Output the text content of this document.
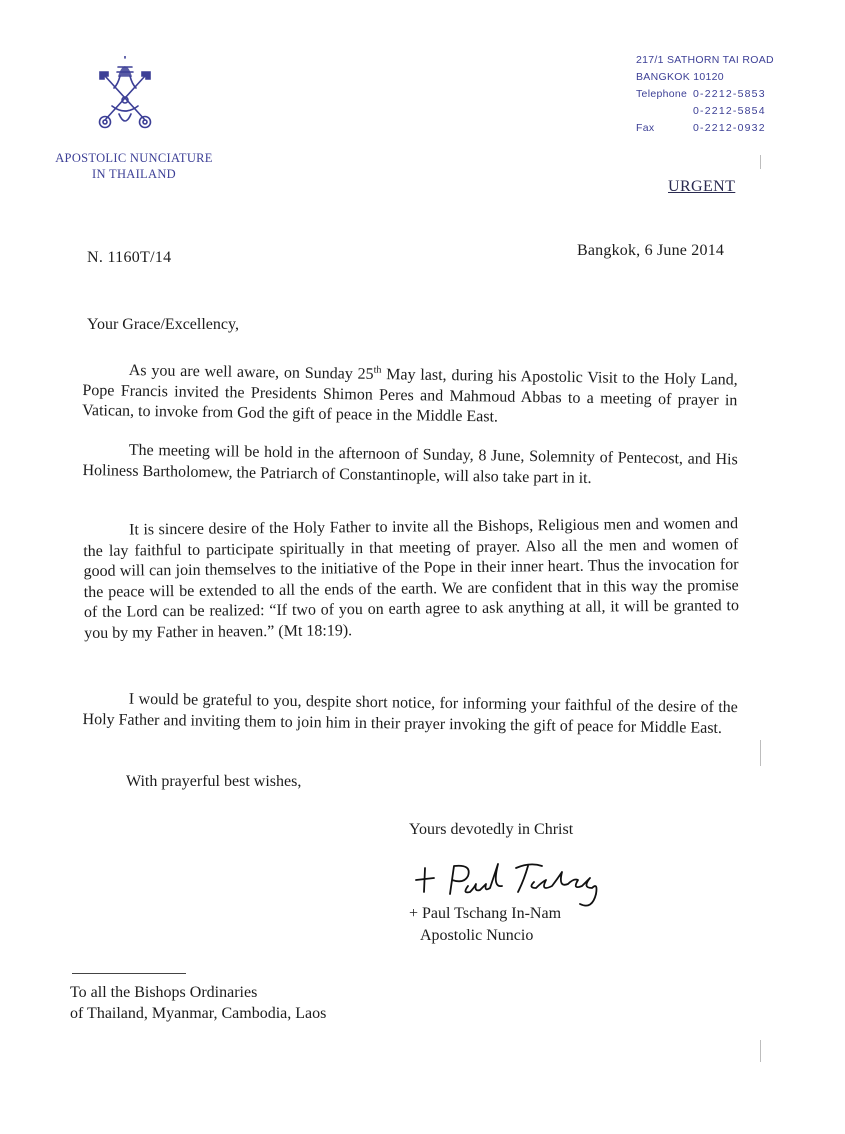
APOSTOLIC NUNCIATURE
IN THAILAND
217/1 SATHORN TAI ROAD
BANGKOK 10120
Telephone 0-2212-5853
0-2212-5854
Fax	0-2212-0932
URGENT
N. 1160T/14	Bangkok, 6 June 2014
Your Grace/Excellency,

As you are well aware, on Sunday 25th May last, during his Apostolic Visit to the Holy Land, Pope Francis invited the Presidents Shimon Peres and Mahmoud Abbas to a meeting of prayer in Vatican, to invoke from God the gift of peace in the Middle East.

The meeting will be hold in the afternoon of Sunday, 8 June, Solemnity of Pentecost, and His Holiness Bartholomew, the Patriarch of Constantinople, will also take part in it.

It is sincere desire of the Holy Father to invite all the Bishops, Religious men and women and the lay faithful to participate spiritually in that meeting of prayer. Also all the men and women of good will can join themselves to the initiative of the Pope in their inner heart. Thus the invocation for the peace will be extended to all the ends of the earth. We are confident that in this way the promise of the Lord can be realized: “If two of you on earth agree to ask anything at all, it will be granted to you by my Father in heaven.” (Mt 18:19).

I would be grateful to you, despite short notice, for informing your faithful of the desire of the Holy Father and inviting them to join him in their prayer invoking the gift of peace for Middle East.

With prayerful best wishes,
Yours devotedly in Christ
+ Paul Tschang In-Nam
Apostolic Nuncio
To all the Bishops Ordinaries
of Thailand, Myanmar, Cambodia, Laos
